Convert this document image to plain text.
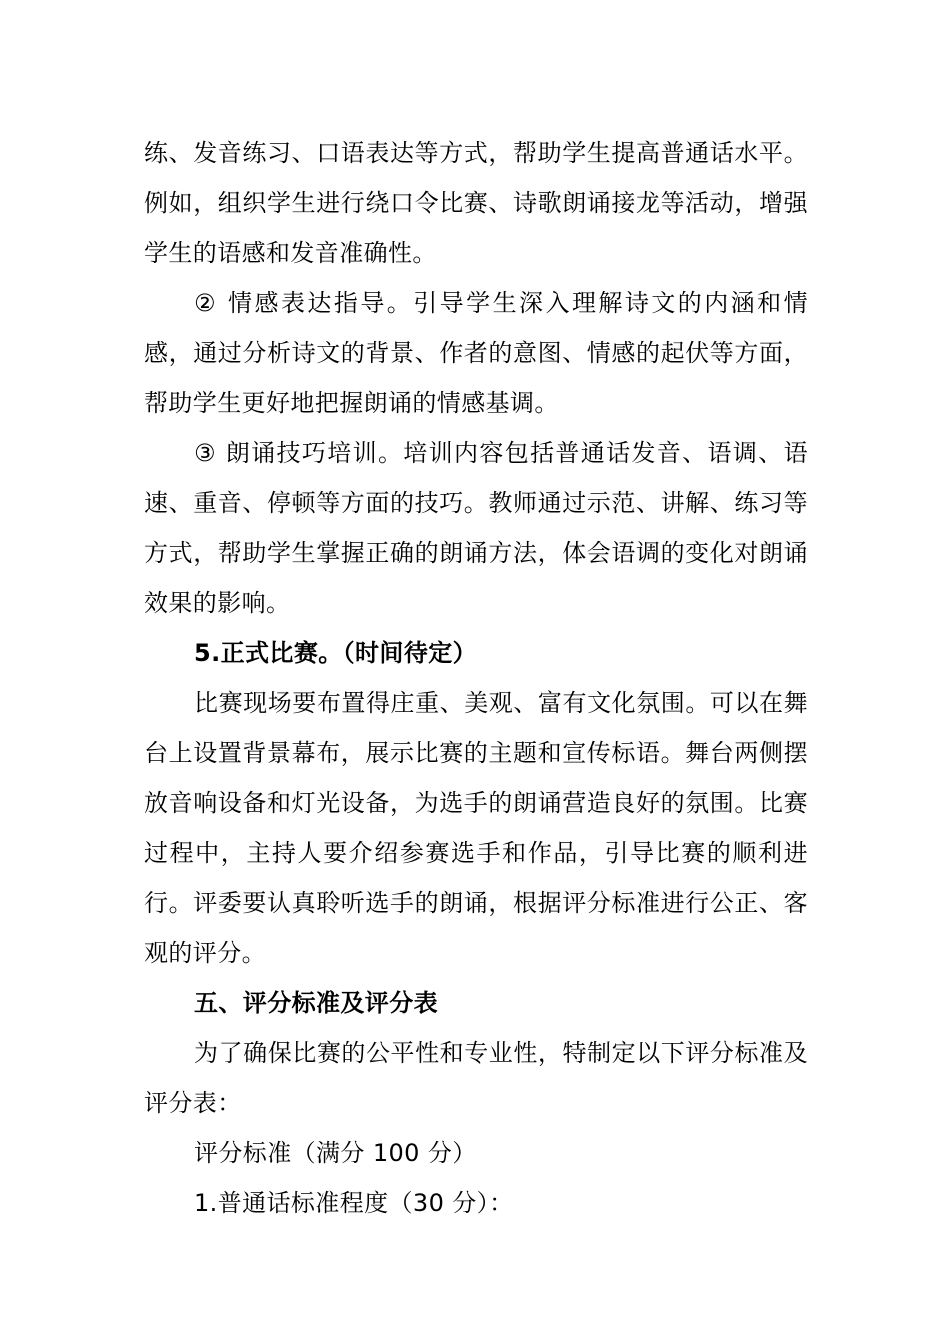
练、发音练习、口语表达等方式，帮助学生提高普通话水平。例如，组织学生进行绕口令比赛、诗歌朗诵接龙等活动，增强学生的语感和发音准确性。

② 情感表达指导。引导学生深入理解诗文的内涵和情感，通过分析诗文的背景、作者的意图、情感的起伏等方面，帮助学生更好地把握朗诵的情感基调。

③ 朗诵技巧培训。培训内容包括普通话发音、语调、语速、重音、停顿等方面的技巧。教师通过示范、讲解、练习等方式，帮助学生掌握正确的朗诵方法，体会语调的变化对朗诵效果的影响。

5.正式比赛。（时间待定）

比赛现场要布置得庄重、美观、富有文化氛围。可以在舞台上设置背景幕布，展示比赛的主题和宣传标语。舞台两侧摆放音响设备和灯光设备，为选手的朗诵营造良好的氛围。比赛过程中，主持人要介绍参赛选手和作品，引导比赛的顺利进行。评委要认真聆听选手的朗诵，根据评分标准进行公正、客观的评分。

五、评分标准及评分表

为了确保比赛的公平性和专业性，特制定以下评分标准及评分表：

评分标准（满分 100 分）

1.普通话标准程度（30 分）：
